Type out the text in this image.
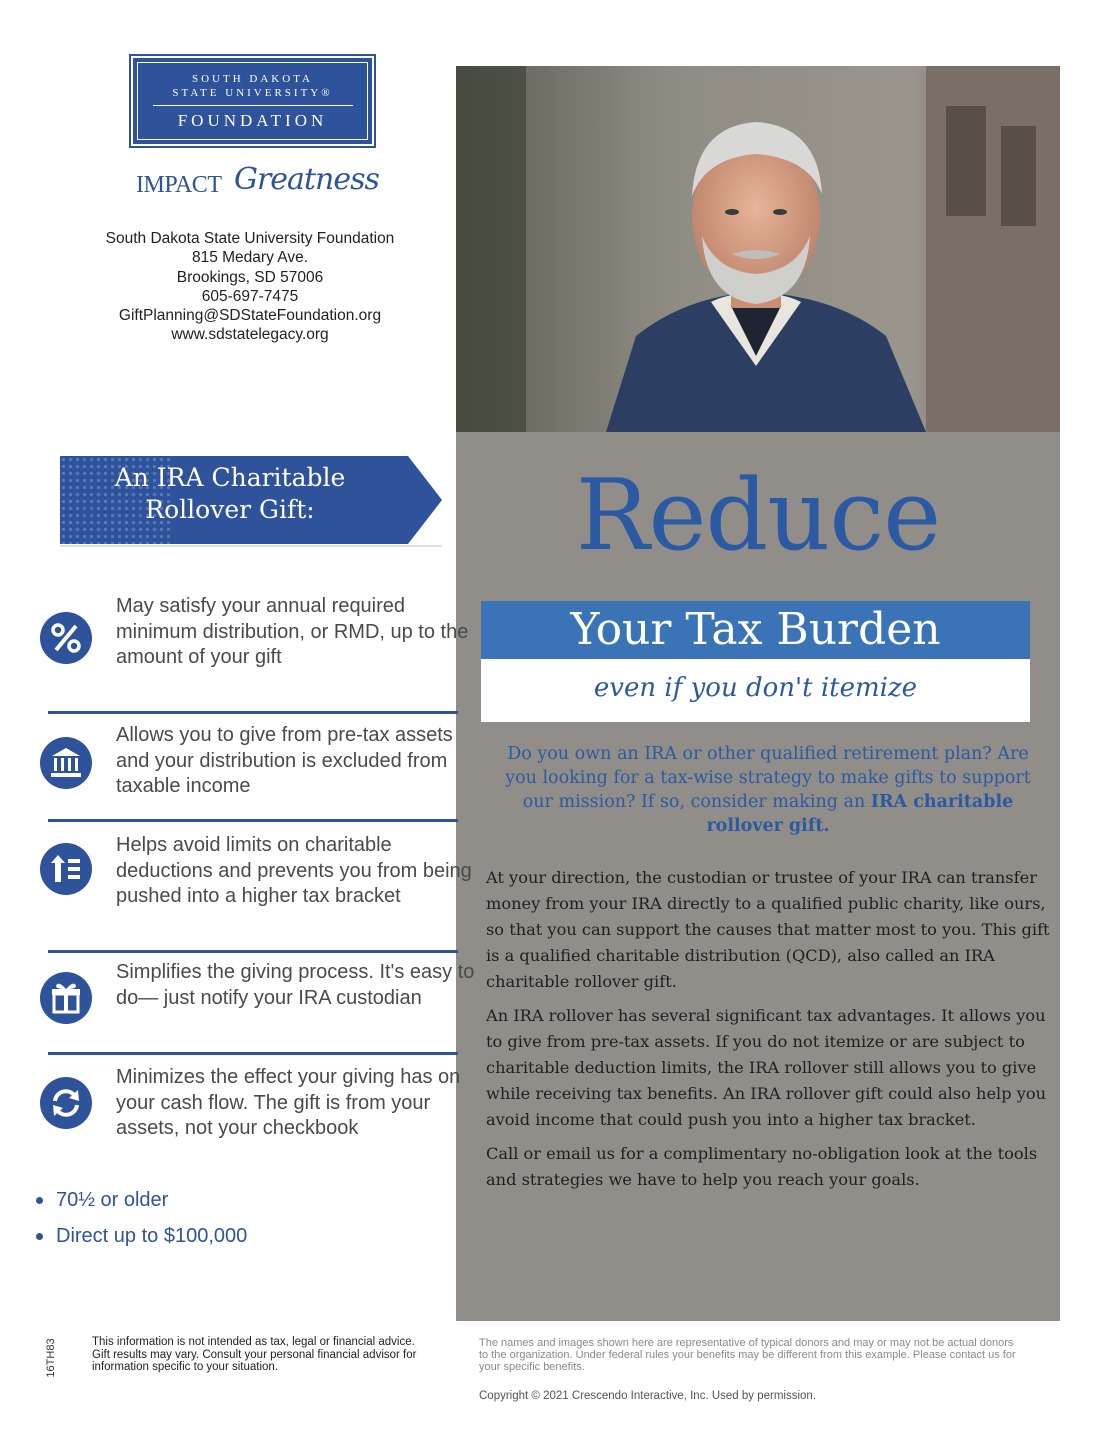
SOUTH DAKOTA
STATE UNIVERSITY®
FOUNDATION
IMPACT Greatness
South Dakota State University Foundation
815 Medary Ave.
Brookings, SD 57006
605-697-7475
GiftPlanning@SDStateFoundation.org
www.sdstatelegacy.org
Reduce
Your Tax Burden
even if you don't itemize
Do you own an IRA or other qualified retirement plan? Are you looking for a tax-wise strategy to make gifts to support our mission? If so, consider making an IRA charitable rollover gift.

At your direction, the custodian or trustee of your IRA can transfer money from your IRA directly to a qualified public charity, like ours, so that you can support the causes that matter most to you. This gift is a qualified charitable distribution (QCD), also called an IRA charitable rollover gift.

An IRA rollover has several significant tax advantages. It allows you to give from pre-tax assets. If you do not itemize or are subject to charitable deduction limits, the IRA rollover still allows you to give while receiving tax benefits. An IRA rollover gift could also help you avoid income that could push you into a higher tax bracket.

Call or email us for a complimentary no-obligation look at the tools and strategies we have to help you reach your goals.

An IRA Charitable
Rollover Gift:
May satisfy your annual required minimum distribution, or RMD, up to the amount of your gift
Allows you to give from pre-tax assets and your distribution is excluded from taxable income
Helps avoid limits on charitable deductions and prevents you from being pushed into a higher tax bracket
Simplifies the giving process. It's easy to do— just notify your IRA custodian
Minimizes the effect your giving has on your cash flow. The gift is from your assets, not your checkbook
70½ or older
Direct up to $100,000
16TH83	This information is not intended as tax, legal or financial advice. Gift results may vary. Consult your personal financial advisor for information specific to your situation.
The names and images shown here are representative of typical donors and may or may not be actual donors to the organization. Under federal rules your benefits may be different from this example. Please contact us for your specific benefits.
Copyright © 2021 Crescendo Interactive, Inc. Used by permission.
